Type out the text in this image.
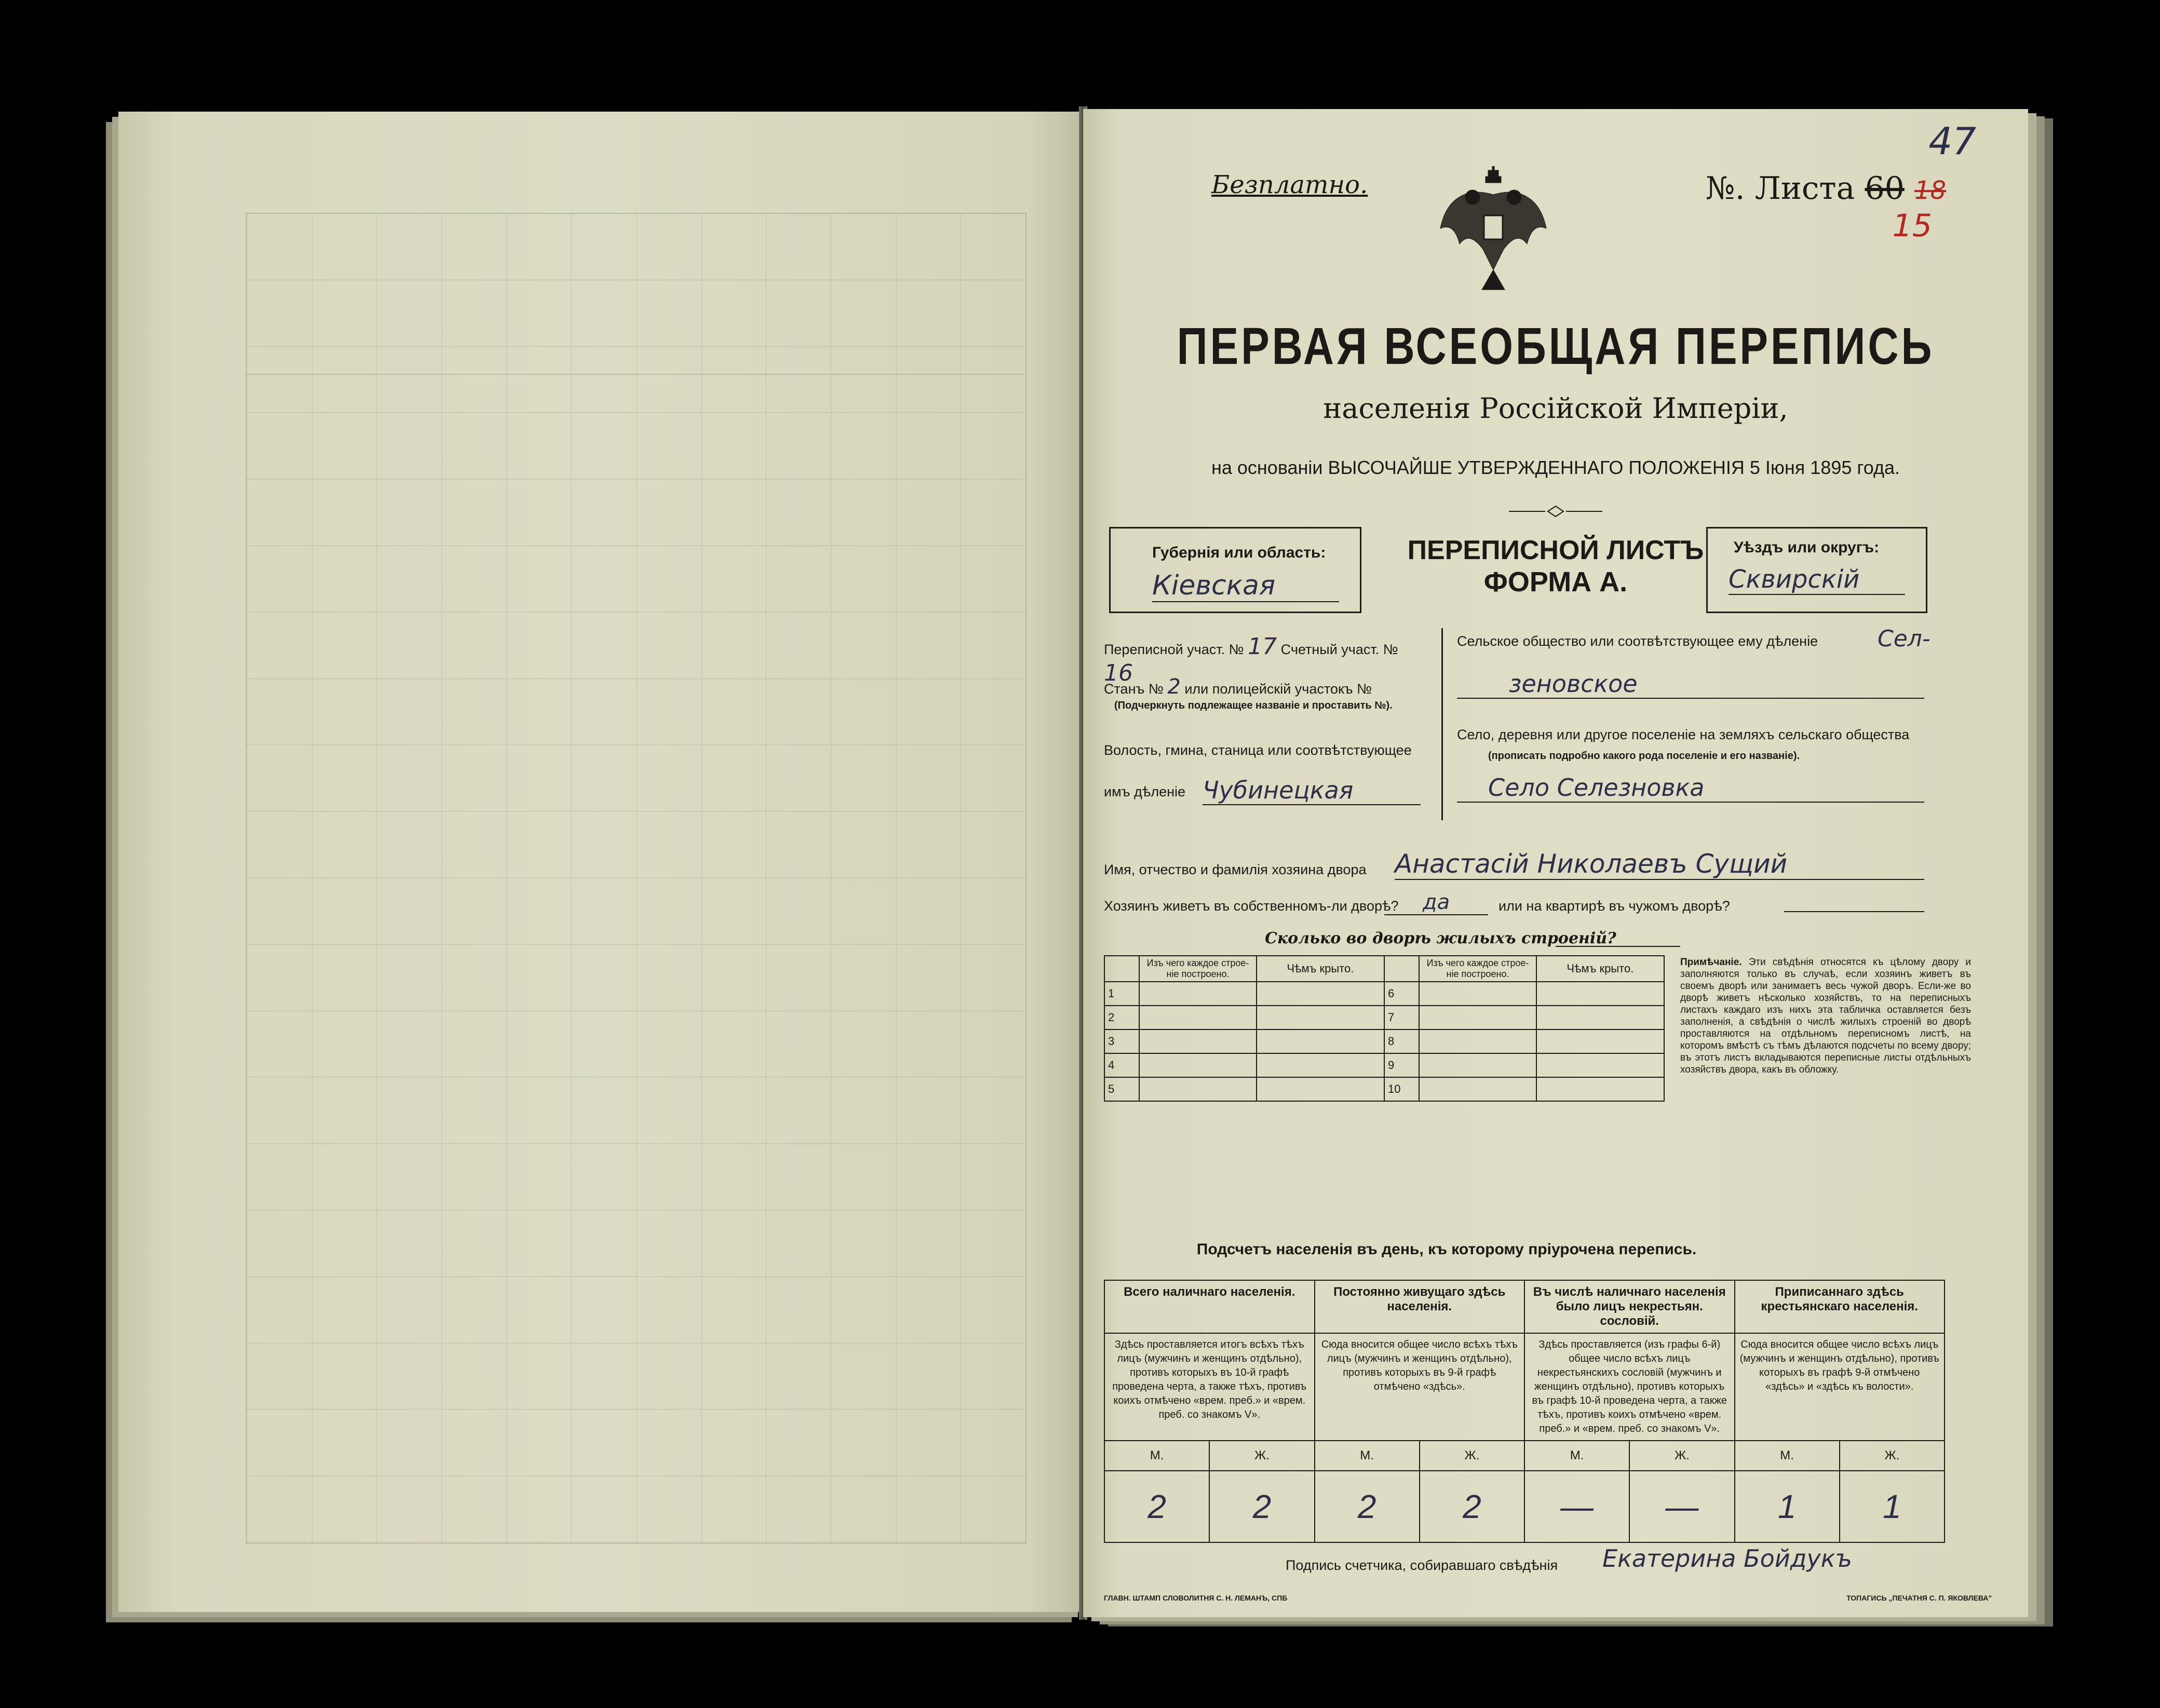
Безплатно.	№. Листа 60 18
47
15
ПЕРВАЯ ВСЕОБЩАЯ ПЕРЕПИСЬ
населенія Россійской Имперіи,
на основаніи ВЫСОЧАЙШЕ УТВЕРЖДЕННАГО ПОЛОЖЕНІЯ 5 Іюня 1895 года.
Губернія или область:
Кіевская
ПЕРЕПИСНОЙ ЛИСТЪ
ФОРМА А.
Уѣздъ или округъ:
Сквирскій
Переписной участ. № 17 Счетный участ. № 16
Станъ № 2 или полицейскій участокъ №
(Подчеркнуть подлежащее названіе и проставить №).
Волость, гмина, станица или соотвѣтствующее
имъ дѣленіе Чубинецкая
Сельское общество или соотвѣтствующее ему дѣленіе	Сел-
зеновское
Село, деревня или другое поселеніе на земляхъ сельскаго общества
(прописать подробно какого рода поселеніе и его названіе).
Село Селезновка
Имя, отчество и фамилія хозяина двора Анастасій Николаевъ Сущий
Хозяинъ живетъ въ собственномъ-ли дворѣ?	да	или на квартирѣ въ чужомъ дворѣ?
Сколько во дворѣ жилыхъ строеній?
	Изъ чего каждое строе-ніе построено.	Чѣмъ крыто.		Изъ чего каждое строе-ніе построено.	Чѣмъ крыто.
1			6		
2			7		
3			8		
4			9		
5			10		
Примѣчаніе. Эти свѣдѣнія относятся къ цѣлому двору и заполняются только въ случаѣ, если хозяинъ живетъ въ своемъ дворѣ или занимаетъ весь чужой дворъ. Если-же во дворѣ живетъ нѣсколько хозяйствъ, то на переписныхъ листахъ каждаго изъ нихъ эта табличка оставляется безъ заполненія, а свѣдѣнія о числѣ жилыхъ строеній во дворѣ проставляются на отдѣльномъ переписномъ листѣ, на которомъ вмѣстѣ съ тѣмъ дѣлаются подсчеты по всему двору; въ этотъ листъ вкладываются переписные листы отдѣльныхъ хозяйствъ двора, какъ въ обложку.
Подсчетъ населенія въ день, къ которому пріурочена перепись.
Всего наличнаго населенія.		Постоянно живущаго здѣсь населенія.		Въ числѣ наличнаго населенія было лицъ некрестьян. сословій.		Приписаннаго здѣсь крестьянскаго населенія.	
Здѣсь проставляется итогъ всѣхъ тѣхъ лицъ (мужчинъ и женщинъ отдѣльно), противъ которыхъ въ 10-й графѣ проведена черта, а также тѣхъ, противъ коихъ отмѣчено «врем. преб.» и «врем. преб. со знакомъ V».		Сюда вносится общее число всѣхъ тѣхъ лицъ (мужчинъ и женщинъ отдѣльно), противъ которыхъ въ 9-й графѣ отмѣчено «здѣсь».		Здѣсь проставляется (изъ графы 6-й) общее число всѣхъ лицъ некрестьянскихъ сословій (мужчинъ и женщинъ отдѣльно), противъ которыхъ въ графѣ 10-й проведена черта, а также тѣхъ, противъ коихъ отмѣчено «врем. преб.» и «врем. преб. со знакомъ V».		Сюда вносится общее число всѣхъ лицъ (мужчинъ и женщинъ отдѣльно), противъ которыхъ въ графѣ 9-й отмѣчено «здѣсь» и «здѣсь къ волости».	
М.	Ж.	М.	Ж.	М.	Ж.	М.	Ж.
2	2	2	2	—	—	1	1
Подпись счетчика, собиравшаго свѣдѣнія Екатерина Бойдукъ
ГЛАВН. ШТАМП СЛОВОЛИТНЯ С. Н. ЛЕМАНЪ, СПБ	ТОПАГИСЬ „ПЕЧАТНЯ С. П. ЯКОВЛЕВА"
